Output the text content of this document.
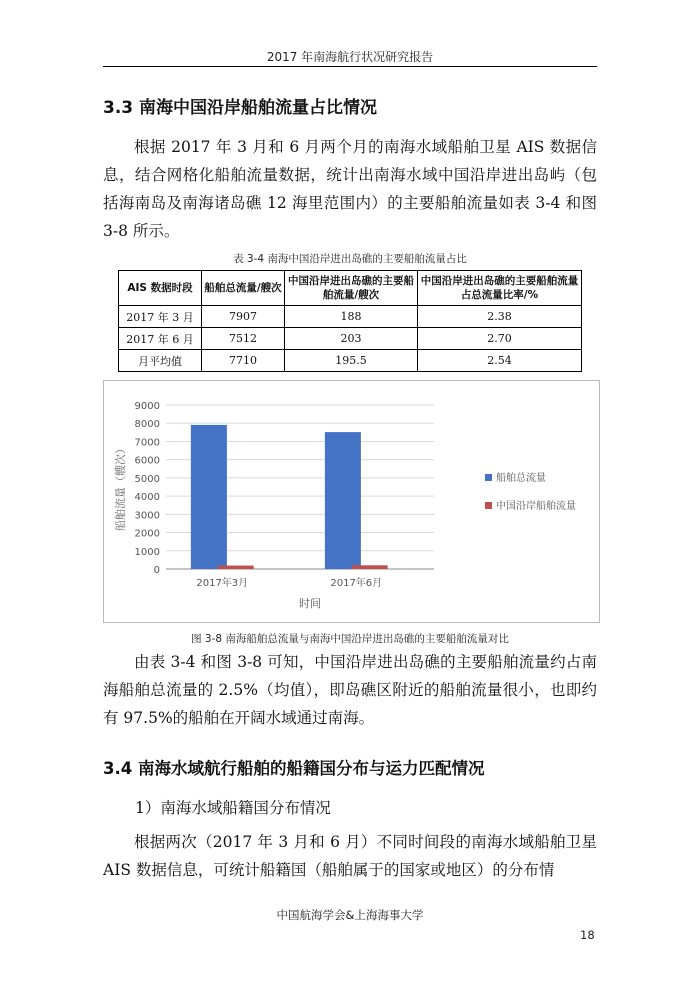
2017 年南海航行状况研究报告
3.3 南海中国沿岸船舶流量占比情况
根据 2017 年 3 月和 6 月两个月的南海水域船舶卫星 AIS 数据信息，结合网格化船舶流量数据，统计出南海水域中国沿岸进出岛屿（包括海南岛及南海诸岛礁 12 海里范围内）的主要船舶流量如表 3-4 和图 3-8 所示。
表 3-4 南海中国沿岸进出岛礁的主要船舶流量占比
AIS 数据时段	船舶总流量/艘次	中国沿岸进出岛礁的主要船舶流量/艘次	中国沿岸进出岛礁的主要船舶流量占总流量比率/%
2017 年 3 月	7907	188	2.38
2017 年 6 月	7512	203	2.70
月平均值	7710	195.5	2.54
0
1000
2000
3000
4000
5000
6000
7000
8000
9000
2017年3月	2017年6月
时间
船舶流量（艘次）	船舶总流量
中国沿岸船舶流量
图 3-8 南海船舶总流量与南海中国沿岸进出岛礁的主要船舶流量对比
由表 3-4 和图 3-8 可知，中国沿岸进出岛礁的主要船舶流量约占南海船舶总流量的 2.5%（均值），即岛礁区附近的船舶流量很小，也即约有 97.5%的船舶在开阔水域通过南海。
3.4 南海水域航行船舶的船籍国分布与运力匹配情况
1）南海水域船籍国分布情况
根据两次（2017 年 3 月和 6 月）不同时间段的南海水域船舶卫星 AIS 数据信息，可统计船籍国（船舶属于的国家或地区）的分布情
中国航海学会&上海海事大学
18
